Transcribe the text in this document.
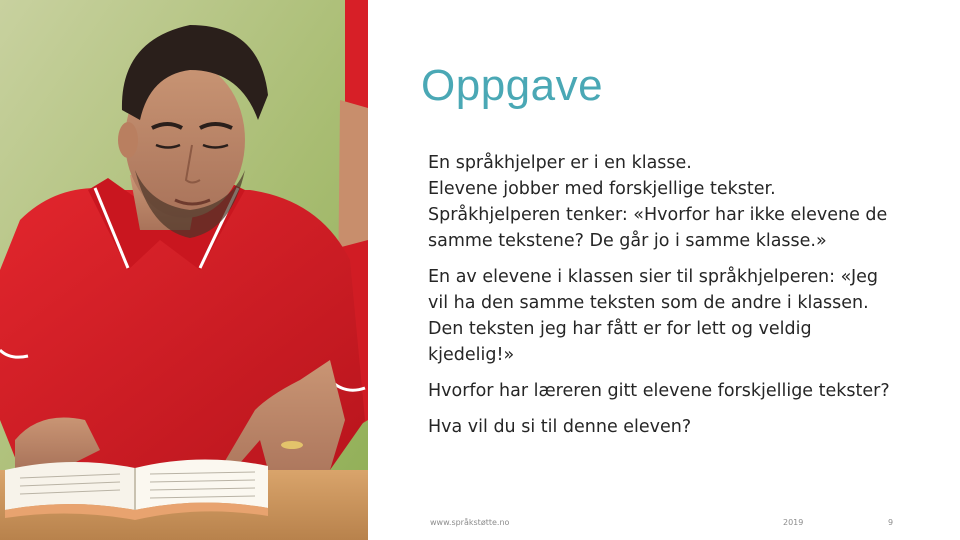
Oppgave

En språkhjelper er i en klasse.
Elevene jobber med forskjellige tekster.
Språkhjelperen tenker: «Hvorfor har ikke elevene de
samme tekstene? De går jo i samme klasse.»

En av elevene i klassen sier til språkhjelperen: «Jeg
vil ha den samme teksten som de andre i klassen.
Den teksten jeg har fått er for lett og veldig
kjedelig!»

Hvorfor har læreren gitt elevene forskjellige tekster?

Hva vil du si til denne eleven?

www.språkstøtte.no	2019	9
